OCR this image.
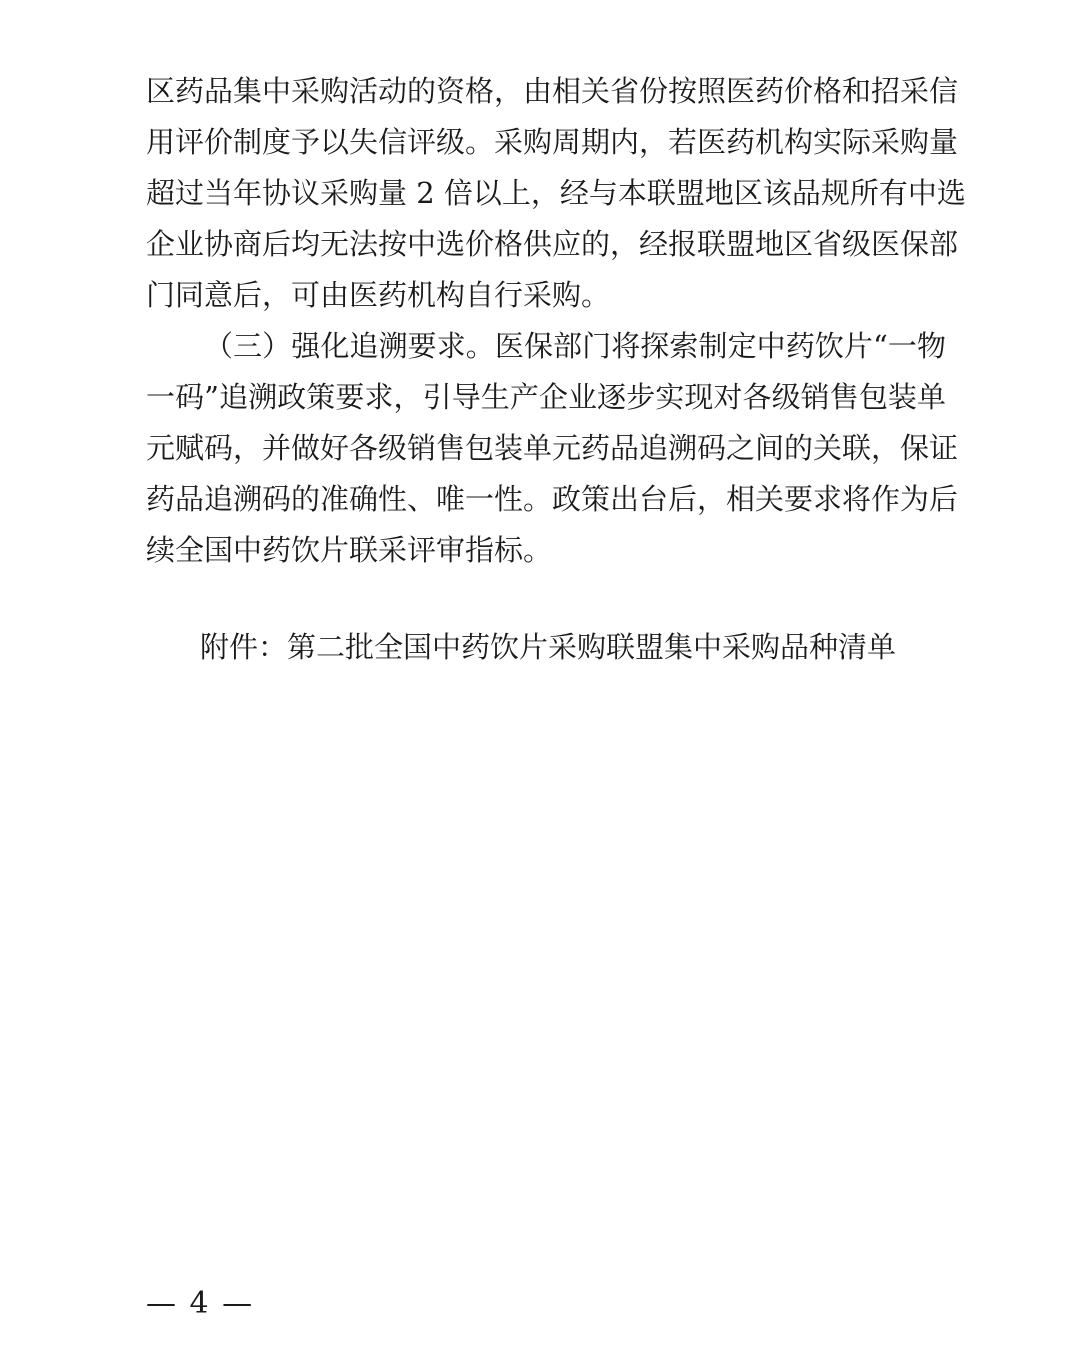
区药品集中采购活动的资格，由相关省份按照医药价格和招采信
用评价制度予以失信评级。采购周期内，若医药机构实际采购量
超过当年协议采购量 2 倍以上，经与本联盟地区该品规所有中选
企业协商后均无法按中选价格供应的，经报联盟地区省级医保部
门同意后，可由医药机构自行采购。
（三）强化追溯要求。医保部门将探索制定中药饮片“一物
一码”追溯政策要求，引导生产企业逐步实现对各级销售包装单
元赋码，并做好各级销售包装单元药品追溯码之间的关联，保证
药品追溯码的准确性、唯一性。政策出台后，相关要求将作为后
续全国中药饮片联采评审指标。
附件：第二批全国中药饮片采购联盟集中采购品种清单
— 4 —
